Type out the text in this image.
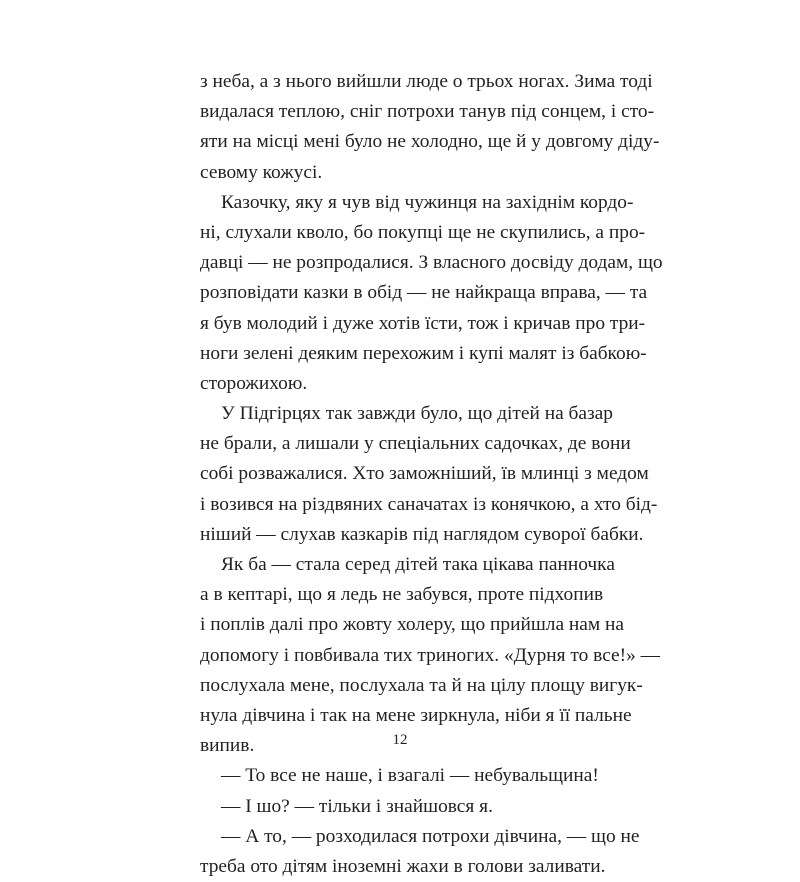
з неба, а з нього вийшли люде о трьох ногах. Зима тоді
видалася теплою, сніг потрохи танув під сонцем, і сто-
яти на місці мені було не холодно, ще й у довгому діду-
севому кожусі.
Казочку, яку я чув від чужинця на західнім кордо-
ні, слухали кволо, бо покупці ще не скупились, а про-
давці — не розпродалися. З власного досвіду додам, що
розповідати казки в обід — не найкраща вправа, — та
я був молодий і дуже хотів їсти, тож і кричав про три-
ноги зелені деяким перехожим і купі малят із бабкою-
сторожихою.
У Підгірцях так завжди було, що дітей на базар
не брали, а лишали у спеціальних садочках, де вони
собі розважалися. Хто заможніший, їв млинці з медом
і возився на різдвяних саначатах із конячкою, а хто бід-
ніший — слухав казкарів під наглядом суворої бабки.
Як ба — стала серед дітей така цікава панночка
а в кептарі, що я ледь не забувся, проте підхопив
і поплів далі про жовту холеру, що прийшла нам на
допомогу і повбивала тих триногих. «Дурня то все!» —
послухала мене, послухала та й на цілу площу вигук-
нула дівчина і так на мене зиркнула, ніби я її пальне
випив.
— То все не наше, і взагалі — небувальщина!
— І шо? — тільки і знайшовся я.
— А то, — розходилася потрохи дівчина, — що не
треба ото дітям іноземні жахи в голови заливати.
12
